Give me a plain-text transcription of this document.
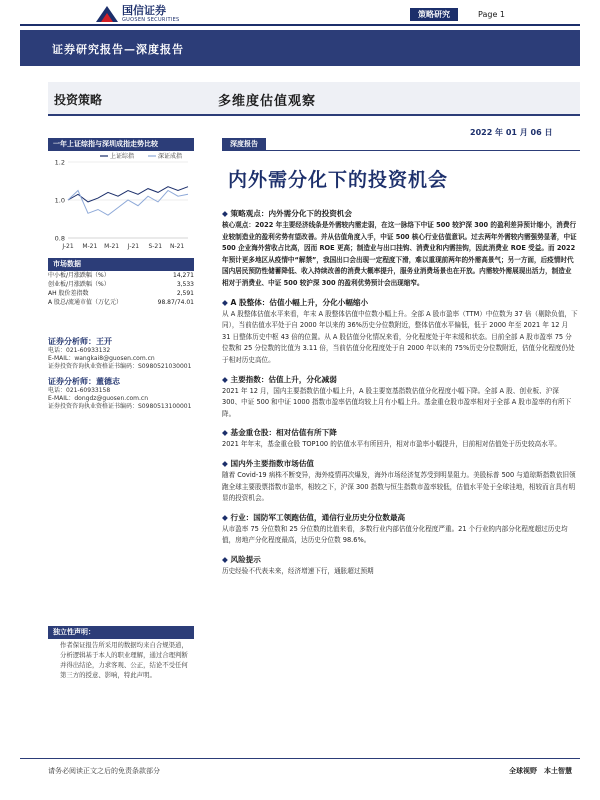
国信证券
GUOSEN SECURITIES
策略研究	Page 1
证券研究报告—深度报告
投资策略	多维度估值观察
2022 年 01 月 06 日
一年上证综指与深圳成指走势比较
1.2
1.0
0.8
J-21 M-21 M-21 J-21 S-21 N-21
上证综指	深证成指
市场数据
中小板/月涨跌幅（%）	14,271
创业板/月涨跌幅（%）	3,533
AH 股价差指数	2,591
A 股总/流通市值（万亿元）	98.87/74.01
证券分析师：王开
电话：021-60933132
E-MAIL：wangkai8@guosen.com.cn
证券投资咨询执业资格证书编码：S0980521030001
证券分析师：董德志
电话：021-60933158
E-MAIL：dongdz@guosen.com.cn
证券投资咨询执业资格证书编码：S0980513100001
独立性声明：
作者保证报告所采用的数据均来自合规渠道，分析逻辑基于本人的职业理解，通过合理判断并得出结论，力求客观、公正，结论不受任何第三方的授意、影响，特此声明。
深度报告
内外需分化下的投资机会
◆ 策略观点：内外需分化下的投资机会
核心观点：2022 年主要经济线条是外需较内需走弱，在这一脉络下中证 500 较沪深 300 的盈利差异预计缩小，消费行业较制造业的盈利劣势有望改善。并从估值角度入手，中证 500 核心行业估值意识。过去两年外需较内需强势显著，中证 500 企业海外营收占比高，因而 ROE 更高；制造业与出口挂钩、消费业和内需挂钩，因此消费业 ROE 受益。而 2022 年预计更多地区从疫情中“解禁”，我国出口会出现一定程度下滑，难以重现前两年的外需高景气；另一方面，后疫情时代国内居民预防性储蓄降低、收入持续改善的消费大概率提升，服务业消费场景也在开放。内需较外需展现出活力，制造业相对于消费业、中证 500 较沪深 300 的盈利优势预计会出现缩窄。
◆ A 股整体：估值小幅上升，分化小幅缩小
从 A 股整体估值水平来看，年末 A 股整体估值中位数小幅上升。全部 A 股市盈率（TTM）中位数为 37 倍（剔除负值，下同），当前估值水平处于自 2000 年以来的 36%历史分位数附近，整体估值水平偏低，低于 2000 年至 2021 年 12 月 31 日整体历史中枢 43 倍的位置。从 A 股估值分化情况来看，分化程度处于年末缓和状态。目前全部 A 股市盈率 75 分位数和 25 分位数的比值为 3.11 倍，当前估值分化程度处于自 2000 年以来的 75%历史分位数附近，估值分化程度仍处于相对历史高位。
◆ 主要指数：估值上升，分化减弱
2021 年 12 月，国内主要指数估值小幅上升，A 股主要宽基指数估值分化程度小幅下降。全部 A 股、创业板、沪深 300、中证 500 和中证 1000 指数市盈率估值均较上月有小幅上升。基金重仓股市盈率相对于全部 A 股市盈率的有所下降。
◆ 基金重仓股：相对估值有所下降
2021 年年末，基金重仓股 TOP100 的估值水平有所回升，相对市盈率小幅提升，目前相对估值处于历史较高水平。
◆ 国内外主要指数市场估值
随着 Covid-19 病株不断变异，海外疫情再次爆发，海外市场经济复苏受到明显阻力。美股标普 500 与道琼斯指数依旧领跑全球主要股票指数市盈率，相较之下，沪深 300 指数与恒生指数市盈率较低，估值水平处于全球洼地，相较而言具有明显的投资机会。
◆ 行业：国防军工领跑估值，通信行业历史分位数最高
从市盈率 75 分位数和 25 分位数的比值来看，多数行业内部估值分化程度严重。21 个行业的内部分化程度超过历史均值，房地产分化程度最高，达历史分位数 98.6%。
◆ 风险提示
历史经验不代表未来，经济增速下行，通胀超过预期
请务必阅读正文之后的免责条款部分	全球视野　本土智慧
